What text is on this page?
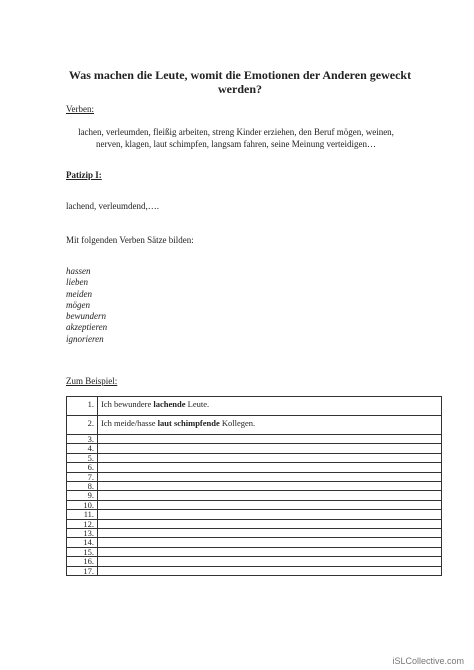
Was machen die Leute, womit die Emotionen der Anderen geweckt werden?
Verben:
lachen, verleumden, fleißig arbeiten, streng Kinder erziehen, den Beruf mögen, weinen, nerven, klagen, laut schimpfen, langsam fahren, seine Meinung verteidigen…
Patizip I:
lachend, verleumdend,….
Mit folgenden Verben Sätze bilden:
hassen
lieben
meiden
mögen
bewundern
akzeptieren
ignorieren
Zum Beispiel:
1.	Ich bewundere lachende Leute.
2.	Ich meide/hasse laut schimpfende Kollegen.
3.	
4.	
5.	
6.	
7.	
8.	
9.	
10.	
11.	
12.	
13.	
14.	
15.	
16.	
17.	
iSLCollective.com
